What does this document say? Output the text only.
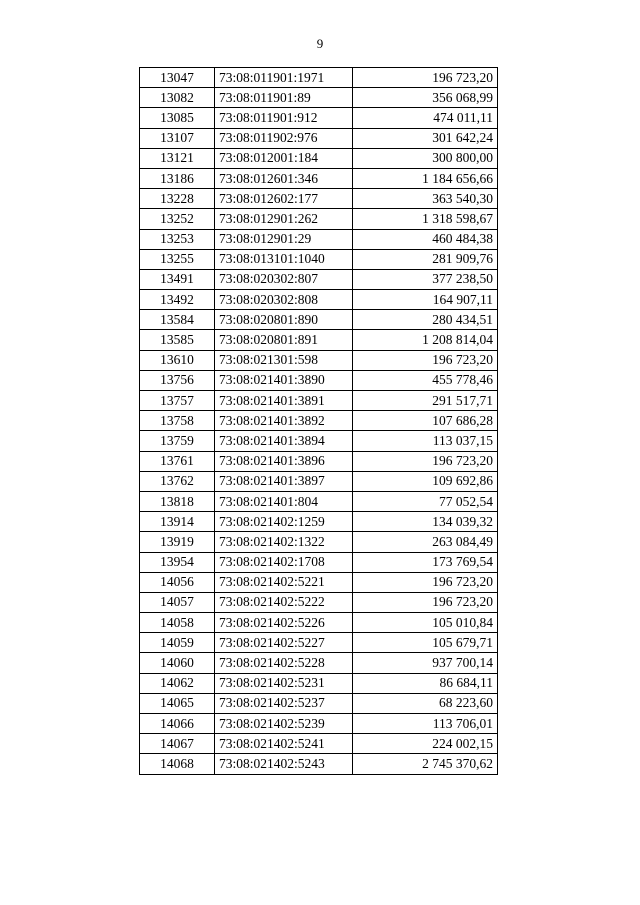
9
13047	73:08:011901:1971	196 723,20
13082	73:08:011901:89	356 068,99
13085	73:08:011901:912	474 011,11
13107	73:08:011902:976	301 642,24
13121	73:08:012001:184	300 800,00
13186	73:08:012601:346	1 184 656,66
13228	73:08:012602:177	363 540,30
13252	73:08:012901:262	1 318 598,67
13253	73:08:012901:29	460 484,38
13255	73:08:013101:1040	281 909,76
13491	73:08:020302:807	377 238,50
13492	73:08:020302:808	164 907,11
13584	73:08:020801:890	280 434,51
13585	73:08:020801:891	1 208 814,04
13610	73:08:021301:598	196 723,20
13756	73:08:021401:3890	455 778,46
13757	73:08:021401:3891	291 517,71
13758	73:08:021401:3892	107 686,28
13759	73:08:021401:3894	113 037,15
13761	73:08:021401:3896	196 723,20
13762	73:08:021401:3897	109 692,86
13818	73:08:021401:804	77 052,54
13914	73:08:021402:1259	134 039,32
13919	73:08:021402:1322	263 084,49
13954	73:08:021402:1708	173 769,54
14056	73:08:021402:5221	196 723,20
14057	73:08:021402:5222	196 723,20
14058	73:08:021402:5226	105 010,84
14059	73:08:021402:5227	105 679,71
14060	73:08:021402:5228	937 700,14
14062	73:08:021402:5231	86 684,11
14065	73:08:021402:5237	68 223,60
14066	73:08:021402:5239	113 706,01
14067	73:08:021402:5241	224 002,15
14068	73:08:021402:5243	2 745 370,62
